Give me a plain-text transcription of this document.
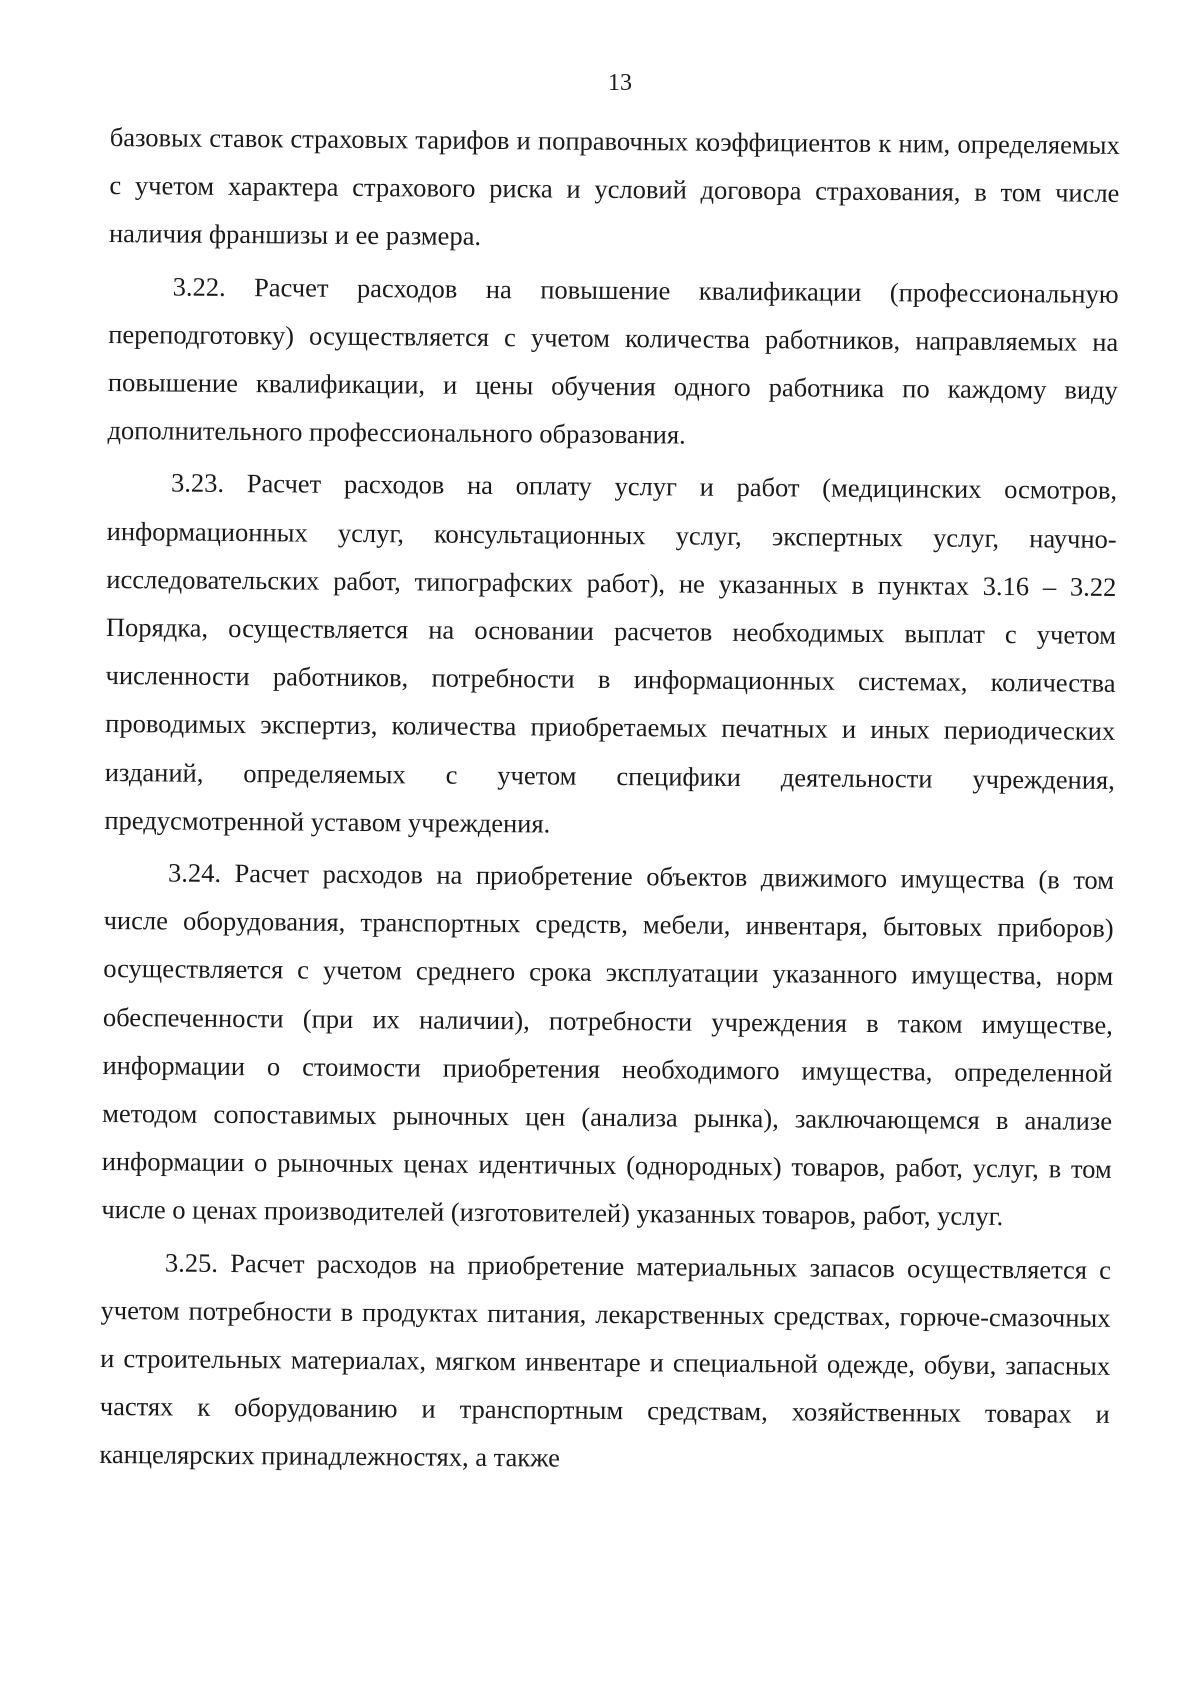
13

базовых ставок страховых тарифов и поправочных коэффициентов к ним, определяемых с учетом характера страхового риска и условий договора страхования, в том числе наличия франшизы и ее размера.

3.22. Расчет расходов на повышение квалификации (профессиональную переподготовку) осуществляется с учетом количества работников, направляемых на повышение квалификации, и цены обучения одного работника по каждому виду дополнительного профессионального образования.

3.23. Расчет расходов на оплату услуг и работ (медицинских осмотров, информационных услуг, консультационных услуг, экспертных услуг, научно-исследовательских работ, типографских работ), не указанных в пунктах 3.16 – 3.22 Порядка, осуществляется на основании расчетов необходимых выплат с учетом численности работников, потребности в информационных системах, количества проводимых экспертиз, количества приобретаемых печатных и иных периодических изданий, определяемых с учетом специфики деятельности учреждения, предусмотренной уставом учреждения.

3.24. Расчет расходов на приобретение объектов движимого имущества (в том числе оборудования, транспортных средств, мебели, инвентаря, бытовых приборов) осуществляется с учетом среднего срока эксплуатации указанного имущества, норм обеспеченности (при их наличии), потребности учреждения в таком имуществе, информации о стоимости приобретения необходимого имущества, определенной методом сопоставимых рыночных цен (анализа рынка), заключающемся в анализе информации о рыночных ценах идентичных (однородных) товаров, работ, услуг, в том числе о ценах производителей (изготовителей) указанных товаров, работ, услуг.

3.25. Расчет расходов на приобретение материальных запасов осуществляется с учетом потребности в продуктах питания, лекарственных средствах, горюче-смазочных и строительных материалах, мягком инвентаре и специальной одежде, обуви, запасных частях к оборудованию и транспортным средствам, хозяйственных товарах и канцелярских принадлежностях, а также
